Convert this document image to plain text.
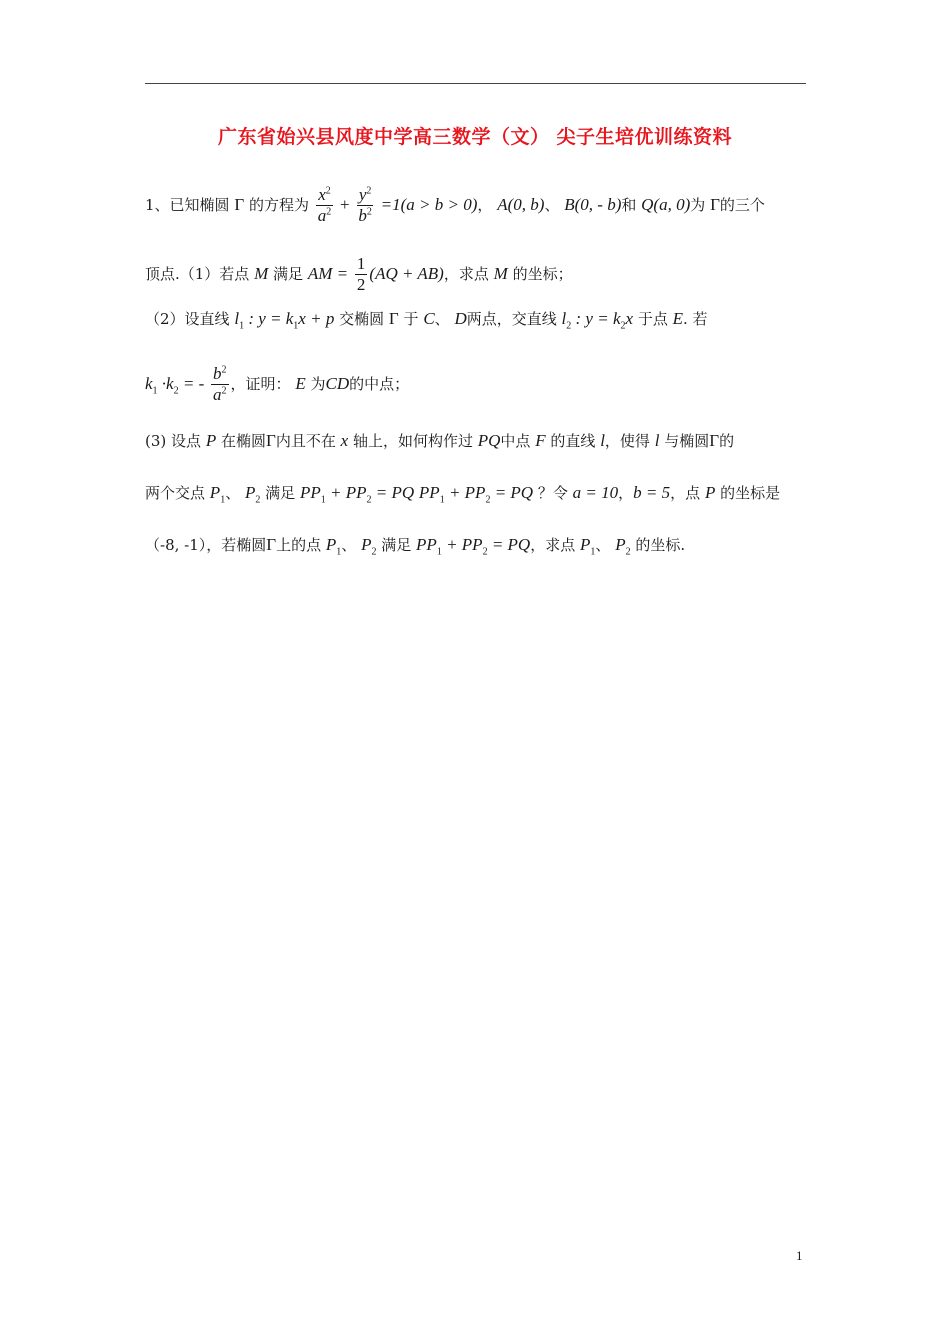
广东省始兴县风度中学高三数学（文） 尖子生培优训练资料
1、已知椭圆 Γ 的方程为 $\frac{x^2}{a^2} + \frac{y^2}{b^2} =1(a > b > 0)$， A(0, b)、 B(0, - b)和 Q(a, 0)为 Γ的三个
顶点.（1）若点 M 满足 AM = $\frac{1}{2} (AQ + AB)$，求点 M 的坐标；
（2）设直线 $l_1$ : $y = k_1x + p$ 交椭圆 Γ 于 C、 D两点，交直线 $l_2$ : $y = k_2x$ 于点 E. 若
$k_1 \cdot k_2$ = - $\frac{b^2}{a^2}$ ，证明： E 为CD的中点；
(3) 设点 P 在椭圆Γ内且不在 x 轴上，如何构作过 PQ中点 F 的直线 l，使得 l 与椭圆Γ的
两个交点 $P_1$、 $P_2$ 满足 $PP_1 + PP_2$ = PQ $PP_1 + PP_2$ = PQ ？令 a = 10，b = 5，点 P 的坐标是
（-8, -1），若椭圆Γ上的点 $P_1$、 $P_2$ 满足 $PP_1 + PP_2$ = PQ，求点 $P_1$、 $P_2$ 的坐标.
1
